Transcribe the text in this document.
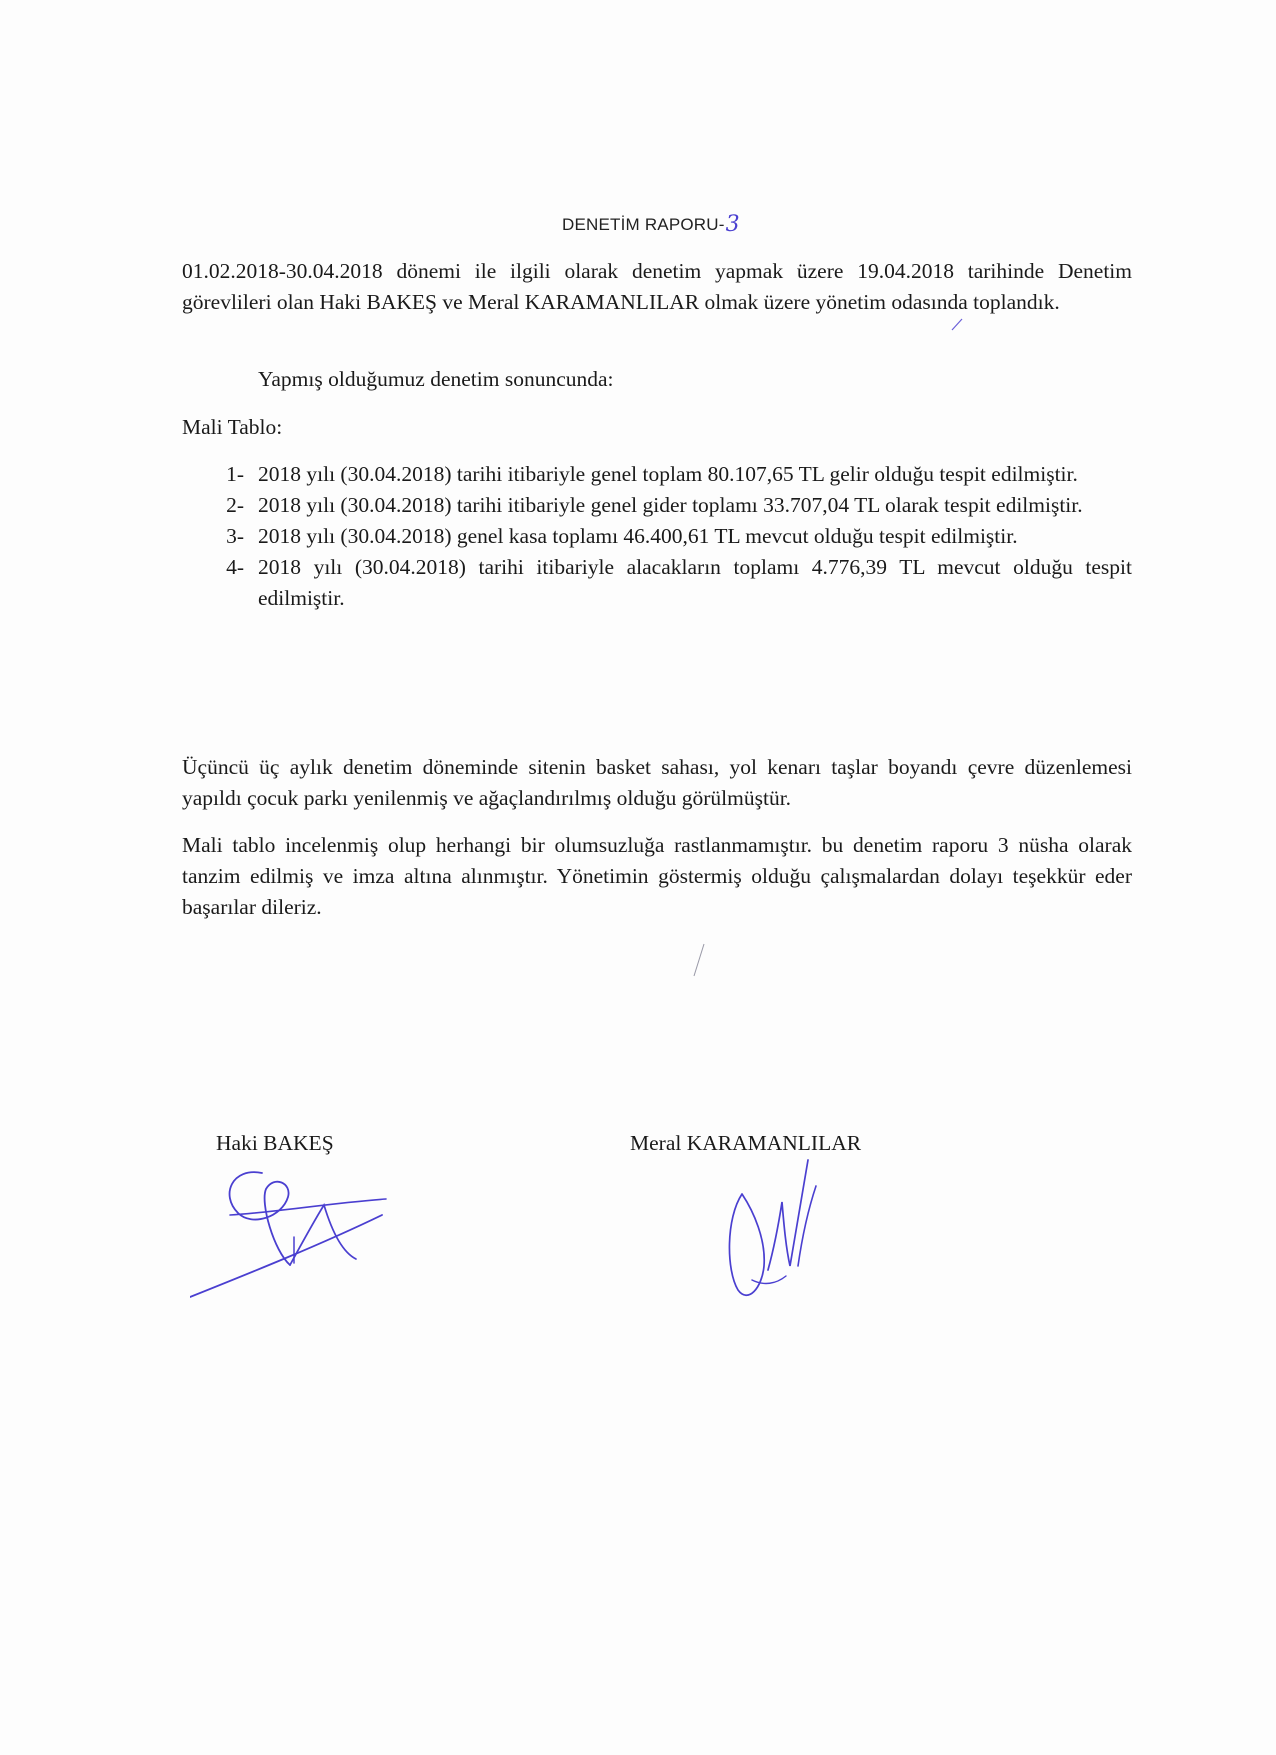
DENETİM RAPORU-3
01.02.2018-30.04.2018 dönemi ile ilgili olarak denetim yapmak üzere 19.04.2018 tarihinde Denetim görevlileri olan Haki BAKEŞ ve Meral KARAMANLILAR olmak üzere yönetim odasında toplandık.
Yapmış olduğumuz denetim sonuncunda:
Mali Tablo:
1- 2018 yılı (30.04.2018) tarihi itibariyle genel toplam 80.107,65 TL gelir olduğu tespit edilmiştir.
2- 2018 yılı (30.04.2018) tarihi itibariyle genel gider toplamı 33.707,04 TL olarak tespit edilmiştir.
3- 2018 yılı (30.04.2018) genel kasa toplamı 46.400,61 TL mevcut olduğu tespit edilmiştir.
4- 2018 yılı (30.04.2018) tarihi itibariyle alacakların toplamı 4.776,39 TL mevcut olduğu tespit edilmiştir.
Üçüncü üç aylık denetim döneminde sitenin basket sahası, yol kenarı taşlar boyandı çevre düzenlemesi yapıldı çocuk parkı yenilenmiş ve ağaçlandırılmış olduğu görülmüştür.
Mali tablo incelenmiş olup herhangi bir olumsuzluğa rastlanmamıştır. bu denetim raporu 3 nüsha olarak tanzim edilmiş ve imza altına alınmıştır. Yönetimin göstermiş olduğu çalışmalardan dolayı teşekkür eder başarılar dileriz.
Haki BAKEŞ	Meral KARAMANLILAR
